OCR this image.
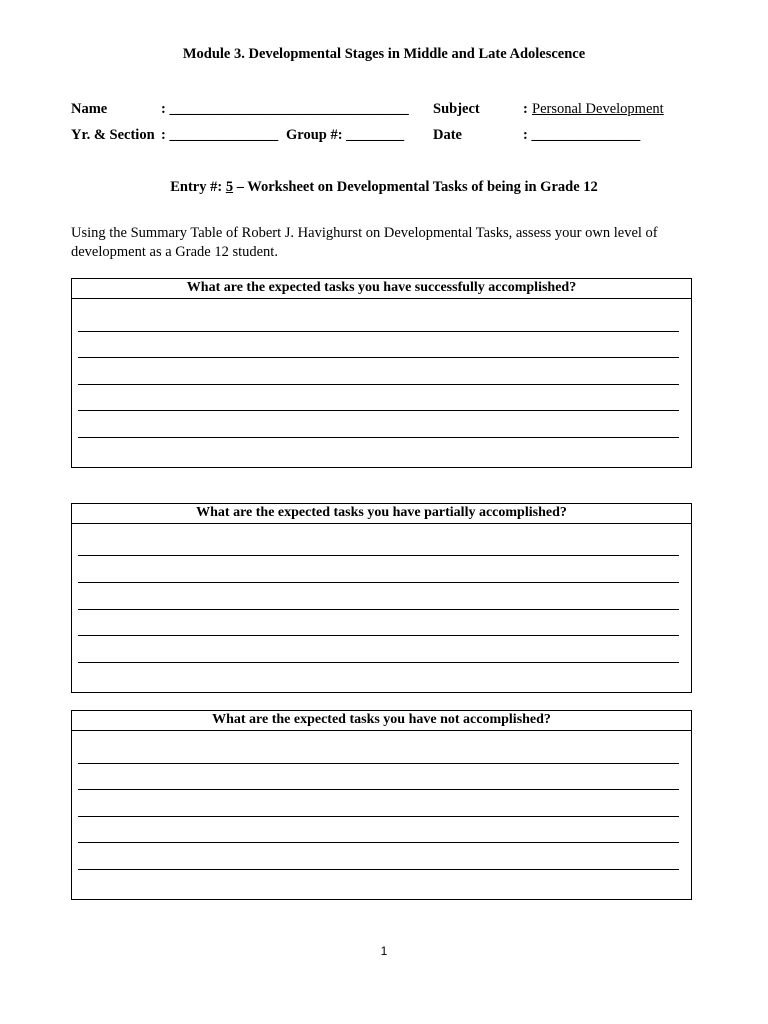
Module 3. Developmental Stages in Middle and Late Adolescence
Name	: _________________________________ Subject	: Personal Development
Yr. & Section : _______________ Group #: ________ Date	: _______________
Entry #: 5 – Worksheet on Developmental Tasks of being in Grade 12
Using the Summary Table of Robert J. Havighurst on Developmental Tasks, assess your own level of development as a Grade 12 student.
What are the expected tasks you have successfully accomplished?
What are the expected tasks you have partially accomplished?
What are the expected tasks you have not accomplished?
1
